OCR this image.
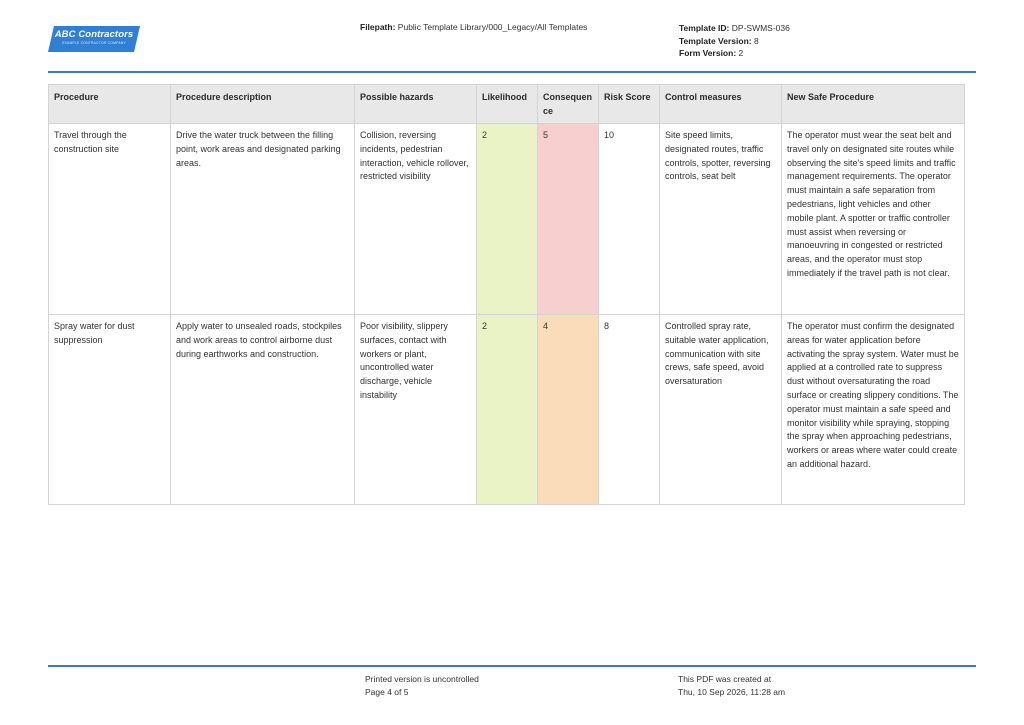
ABC Contractors
EXAMPLE CONTRACTOR COMPANY
Filepath: Public Template Library/000_Legacy/All Templates	Template ID: DP-SWMS-036
Template Version: 8
Form Version: 2
Procedure	Procedure description	Possible hazards	Likelihood	Consequen ce	Risk Score	Control measures	New Safe Procedure
Travel through the construction site	Drive the water truck between the filling point, work areas and designated parking areas.	Collision, reversing incidents, pedestrian interaction, vehicle rollover, restricted visibility	2	5	10	Site speed limits, designated routes, traffic controls, spotter, reversing controls, seat belt	The operator must wear the seat belt and travel only on designated site routes while observing the site's speed limits and traffic management requirements. The operator must maintain a safe separation from pedestrians, light vehicles and other mobile plant. A spotter or traffic controller must assist when reversing or manoeuvring in congested or restricted areas, and the operator must stop immediately if the travel path is not clear.
Spray water for dust suppression	Apply water to unsealed roads, stockpiles and work areas to control airborne dust during earthworks and construction.	Poor visibility, slippery surfaces, contact with workers or plant, uncontrolled water discharge, vehicle instability	2	4	8	Controlled spray rate, suitable water application, communication with site crews, safe speed, avoid oversaturation	The operator must confirm the designated areas for water application before activating the spray system. Water must be applied at a controlled rate to suppress dust without oversaturating the road surface or creating slippery conditions. The operator must maintain a safe speed and monitor visibility while spraying, stopping the spray when approaching pedestrians, workers or areas where water could create an additional hazard.
Printed version is uncontrolled
Page 4 of 5
This PDF was created at
Thu, 10 Sep 2026, 11:28 am
